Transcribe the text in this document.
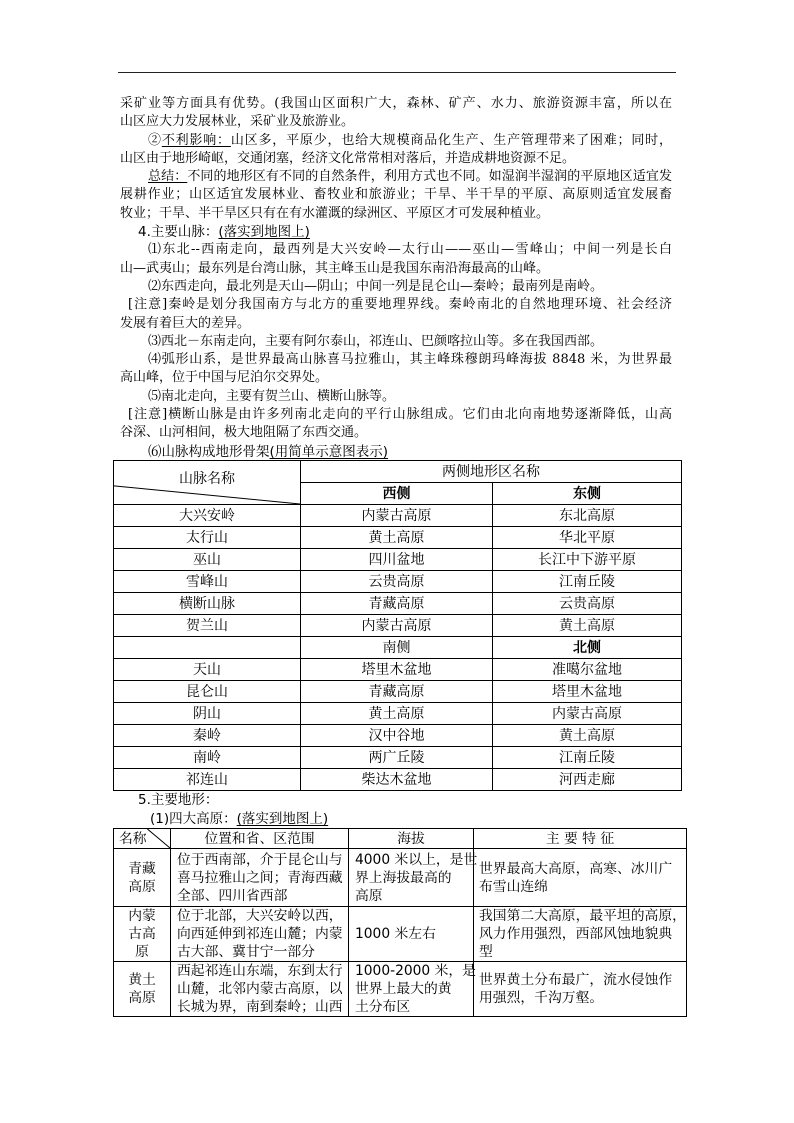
采矿业等方面具有优势。(我国山区面积广大，森林、矿产、水力、旅游资源丰富，所以在
山区应大力发展林业，采矿业及旅游业。
②不利影响：山区多，平原少，也给大规模商品化生产、生产管理带来了困难；同时，
山区由于地形崎岖，交通闭塞，经济文化常常相对落后，并造成耕地资源不足。
总结：不同的地形区有不同的自然条件，利用方式也不同。如湿润半湿润的平原地区适宜发
展耕作业；山区适宜发展林业、畜牧业和旅游业；干旱、半干旱的平原、高原则适宜发展畜
牧业；干旱、半干旱区只有在有水灌溉的绿洲区、平原区才可发展种植业。
4.主要山脉：(落实到地图上)
⑴东北--西南走向，最西列是大兴安岭—太行山——巫山—雪峰山；中间一列是长白
山—武夷山；最东列是台湾山脉，其主峰玉山是我国东南沿海最高的山峰。
⑵东西走向，最北列是天山—阴山；中间一列是昆仑山—秦岭；最南列是南岭。
[注意]秦岭是划分我国南方与北方的重要地理界线。秦岭南北的自然地理环境、社会经济
发展有着巨大的差异。
⑶西北－东南走向，主要有阿尔泰山，祁连山、巴颜喀拉山等。多在我国西部。
⑷弧形山系，是世界最高山脉喜马拉雅山，其主峰珠穆朗玛峰海拔 8848 米，为世界最
高山峰，位于中国与尼泊尔交界处。
⑸南北走向，主要有贺兰山、横断山脉等。
[注意]横断山脉是由许多列南北走向的平行山脉组成。它们由北向南地势逐渐降低，山高
谷深、山河相间，极大地阻隔了东西交通。
⑹山脉构成地形骨架(用简单示意图表示)
山脉名称	两侧地形区名称	
	西侧	东侧
大兴安岭	内蒙古高原	东北高原
太行山	黄土高原	华北平原
巫山	四川盆地	长江中下游平原
雪峰山	云贵高原	江南丘陵
横断山脉	青藏高原	云贵高原
贺兰山	内蒙古高原	黄土高原
	南侧	北侧
天山	塔里木盆地	准噶尔盆地
昆仑山	青藏高原	塔里木盆地
阴山	黄土高原	内蒙古高原
秦岭	汉中谷地	黄土高原
南岭	两广丘陵	江南丘陵
祁连山	柴达木盆地	河西走廊
5.主要地形：
(1)四大高原：(落实到地图上)
名称	位置和省、区范围	海拔	主 要 特 征
青藏高原	位于西南部，介于昆仑山与
喜马拉雅山之间；青海西藏
全部、四川省西部	4000 米以上，是世
界上海拔最高的
高原	世界最高大高原，高寒、冰川广
布雪山连绵

内蒙古高原	位于北部，大兴安岭以西，
向西延伸到祁连山麓；内蒙
古大部、冀甘宁一部分	1000 米左右	我国第二大高原，最平坦的高原，
风力作用强烈，西部风蚀地貌典
型

黄土高原	西起祁连山东端，东到太行
山麓，北邻内蒙古高原，以
长城为界，南到秦岭；山西	1000-2000 米，是
世界上最大的黄
土分布区	世界黄土分布最广，流水侵蚀作
用强烈，千沟万壑。
